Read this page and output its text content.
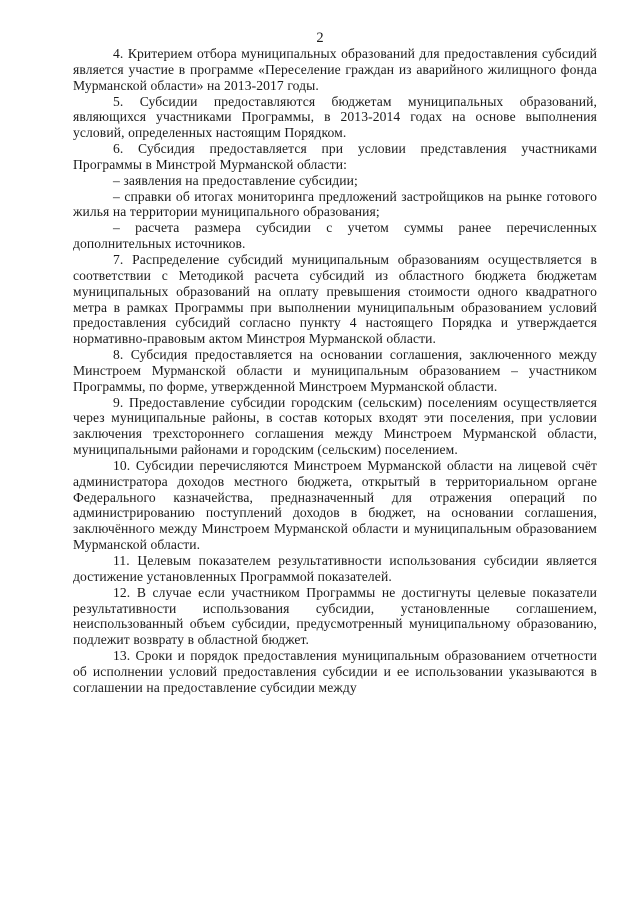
2

4. Критерием отбора муниципальных образований для предоставления субсидий является участие в программе «Переселение граждан из аварийного жилищного фонда Мурманской области» на 2013-2017 годы.

5. Субсидии предоставляются бюджетам муниципальных образований, являющихся участниками Программы, в 2013-2014 годах на основе выполнения условий, определенных настоящим Порядком.

6. Субсидия предоставляется при условии представления участниками Программы в Минстрой Мурманской области:

– заявления на предоставление субсидии;

– справки об итогах мониторинга предложений застройщиков на рынке готового жилья на территории муниципального образования;

– расчета размера субсидии с учетом суммы ранее перечисленных дополнительных источников.

7. Распределение субсидий муниципальным образованиям осуществляется в соответствии с Методикой расчета субсидий из областного бюджета бюджетам муниципальных образований на оплату превышения стоимости одного квадратного метра в рамках Программы при выполнении муниципальным образованием условий предоставления субсидий согласно пункту 4 настоящего Порядка и утверждается нормативно-правовым актом Минстроя Мурманской области.

8. Субсидия предоставляется на основании соглашения, заключенного между Минстроем Мурманской области и муниципальным образованием – участником Программы, по форме, утвержденной Минстроем Мурманской области.

9. Предоставление субсидии городским (сельским) поселениям осуществляется через муниципальные районы, в состав которых входят эти поселения, при условии заключения трехстороннего соглашения между Минстроем Мурманской области, муниципальными районами и городским (сельским) поселением.

10. Субсидии перечисляются Минстроем Мурманской области на лицевой счёт администратора доходов местного бюджета, открытый в территориальном органе Федерального казначейства, предназначенный для отражения операций по администрированию поступлений доходов в бюджет, на основании соглашения, заключённого между Минстроем Мурманской области и муниципальным образованием Мурманской области.

11. Целевым показателем результативности использования субсидии является достижение установленных Программой показателей.

12. В случае если участником Программы не достигнуты целевые показатели результативности использования субсидии, установленные соглашением, неиспользованный объем субсидии, предусмотренный муниципальному образованию, подлежит возврату в областной бюджет.

13. Сроки и порядок предоставления муниципальным образованием отчетности об исполнении условий предоставления субсидии и ее использовании указываются в соглашении на предоставление субсидии между
